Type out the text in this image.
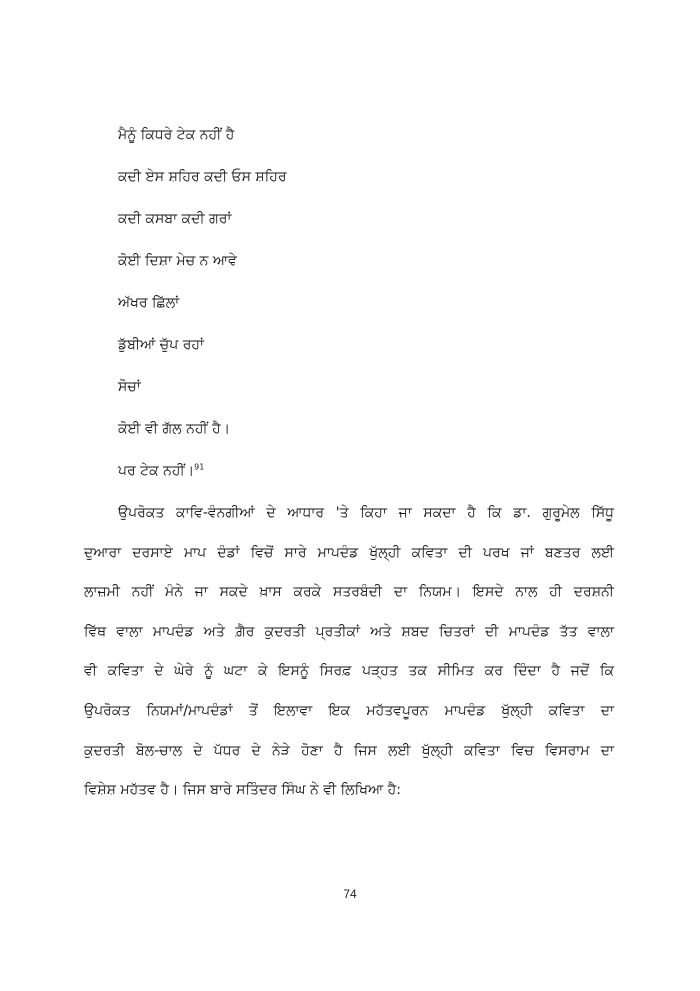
ਮੈਨੂੰ ਕਿਧਰੇ ਟੇਕ ਨਹੀਂ ਹੈ
ਕਦੀ ਏਸ ਸ਼ਹਿਰ ਕਦੀ ਓਸ ਸ਼ਹਿਰ
ਕਦੀ ਕਸਬਾ ਕਦੀ ਗਰਾਂ
ਕੋਈ ਦਿਸ਼ਾ ਮੇਚ ਨ ਆਵੇ
ਅੱਖਰ ਛਿੱਲਾਂ
ਡੁੱਬੀਆਂ ਚੁੱਪ ਰਹਾਂ
ਸੋਚਾਂ
ਕੋਈ ਵੀ ਗੱਲ ਨਹੀਂ ਹੈ।
ਪਰ ਟੇਕ ਨਹੀਂ।$^{91}$
ਉਪਰੋਕਤ ਕਾਵਿ-ਵੰਨਗੀਆਂ ਦੇ ਆਧਾਰ 'ਤੇ ਕਿਹਾ ਜਾ ਸਕਦਾ ਹੈ ਕਿ ਡਾ. ਗੁਰੂਮੇਲ ਸਿੱਧੂ
ਦੁਆਰਾ ਦਰਸਾਏ ਮਾਪ ਦੰਡਾਂ ਵਿਚੋਂ ਸਾਰੇ ਮਾਪਦੰਡ ਖੁੱਲ੍ਹੀ ਕਵਿਤਾ ਦੀ ਪਰਖ ਜਾਂ ਬਣਤਰ ਲਈ
ਲਾਜ਼ਮੀ ਨਹੀਂ ਮੰਨੇ ਜਾ ਸਕਦੇ ਖ਼ਾਸ ਕਰਕੇ ਸਤਰਬੰਦੀ ਦਾ ਨਿਯਮ। ਇਸਦੇ ਨਾਲ ਹੀ ਦਰਸ਼ਨੀ
ਵਿੱਥ ਵਾਲਾ ਮਾਪਦੰਡ ਅਤੇ ਗ਼ੈਰ ਕੁਦਰਤੀ ਪ੍ਰਤੀਕਾਂ ਅਤੇ ਸ਼ਬਦ ਚਿਤਰਾਂ ਦੀ ਮਾਪਦੰਡ ਤੱਤ ਵਾਲਾ
ਵੀ ਕਵਿਤਾ ਦੇ ਘੇਰੇ ਨੂੰ ਘਟਾ ਕੇ ਇਸਨੂੰ ਸਿਰਫ਼ ਪੜ੍ਹਤ ਤਕ ਸੀਮਿਤ ਕਰ ਦਿੰਦਾ ਹੈ ਜਦੋਂ ਕਿ
ਉਪਰੋਕਤ ਨਿਯਮਾਂ/ਮਾਪਦੰਡਾਂ ਤੋਂ ਇਲਾਵਾ ਇਕ ਮਹੱਤਵਪੂਰਨ ਮਾਪਦੰਡ ਖੁੱਲ੍ਹੀ ਕਵਿਤਾ ਦਾ
ਕੁਦਰਤੀ ਬੋਲ-ਚਾਲ ਦੇ ਪੱਧਰ ਦੇ ਨੇੜੇ ਹੋਣਾ ਹੈ ਜਿਸ ਲਈ ਖੁੱਲ੍ਹੀ ਕਵਿਤਾ ਵਿਚ ਵਿਸਰਾਮ ਦਾ
ਵਿਸ਼ੇਸ਼ ਮਹੱਤਵ ਹੈ। ਜਿਸ ਬਾਰੇ ਸਤਿੰਦਰ ਸਿੰਘ ਨੇ ਵੀ ਲਿਖਿਆ ਹੈ:
74
